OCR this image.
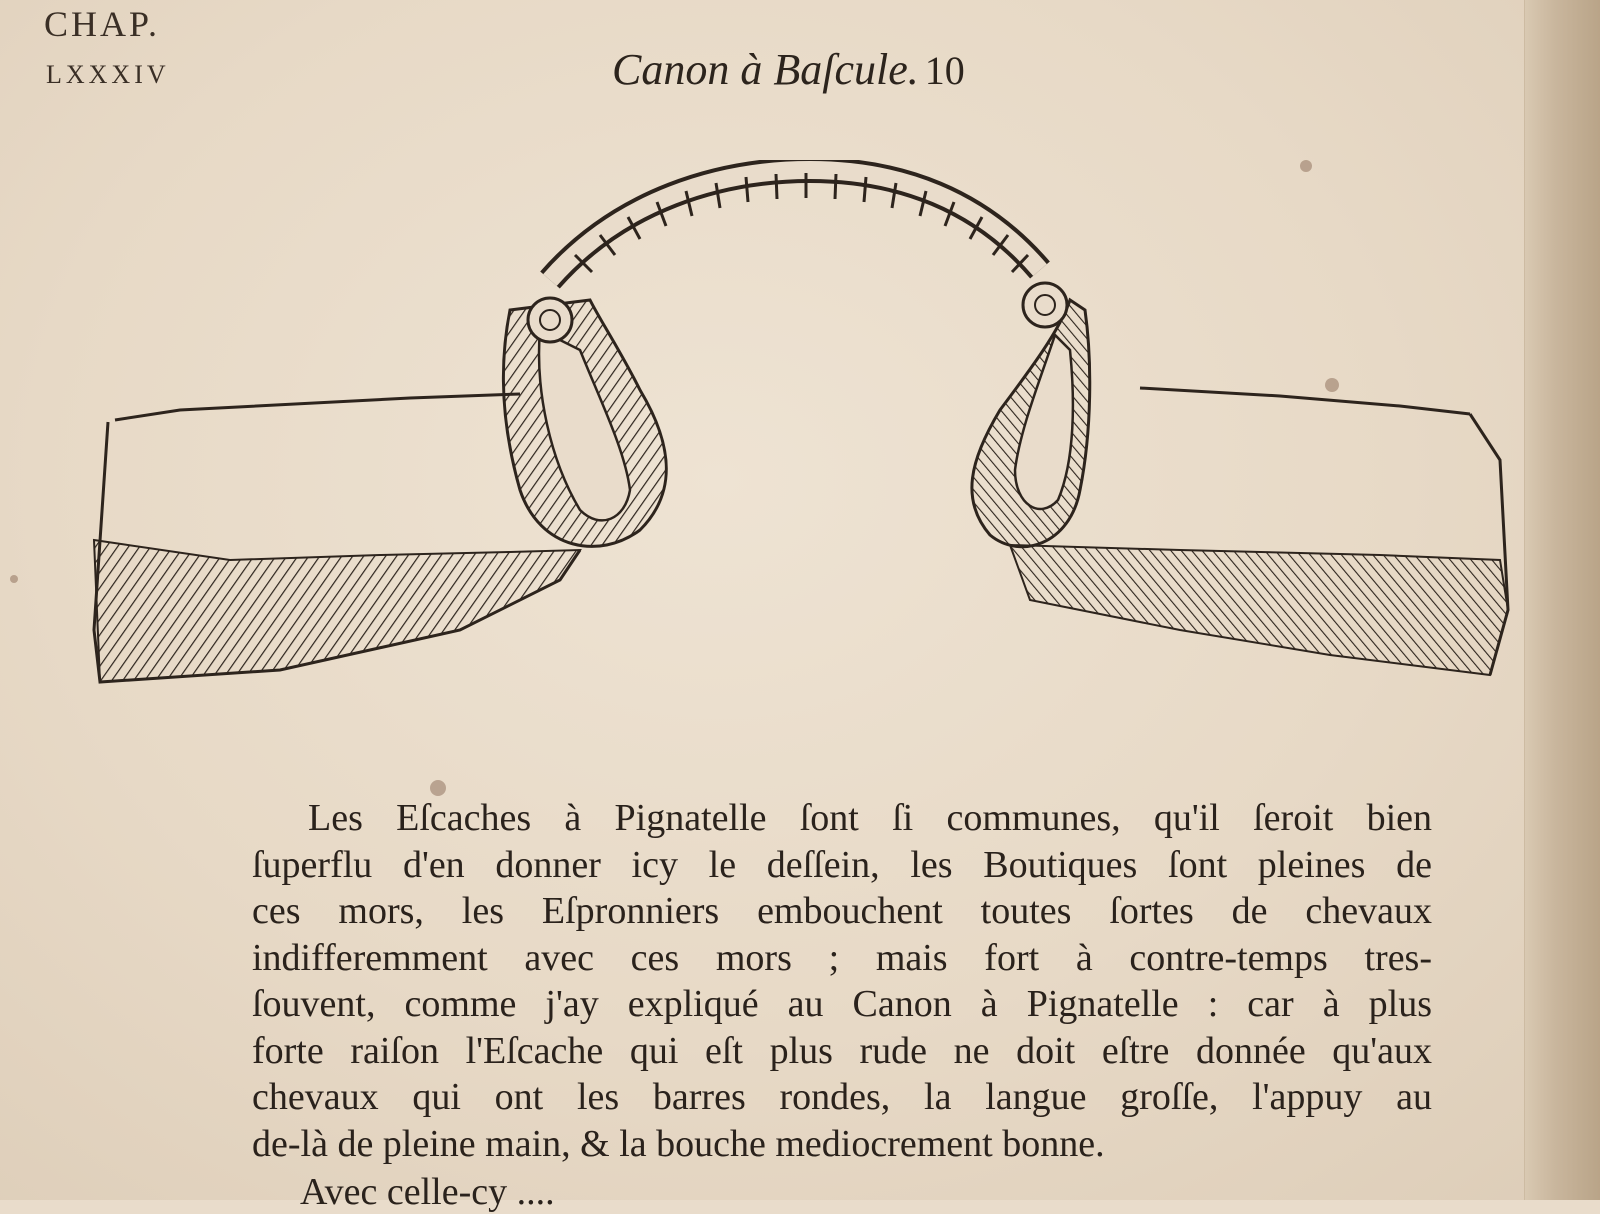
CHAP.
LXXXIV	Canon à Baſcule. 10
Les Eſcaches à Pignatelle ſont ſi communes, qu'il ſeroit bien
ſuperflu d'en donner icy le deſſein, les Boutiques ſont pleines de
ces mors, les Eſpronniers embouchent toutes ſortes de chevaux
indifferemment avec ces mors ; mais fort à contre-temps tres-
ſouvent, comme j'ay expliqué au Canon à Pignatelle : car à plus
forte raiſon l'Eſcache qui eſt plus rude ne doit eſtre donnée qu'aux
chevaux qui ont les barres rondes, la langue groſſe, l'appuy au
de-là de pleine main, & la bouche mediocrement bonne.
Avec celle-cy ....
